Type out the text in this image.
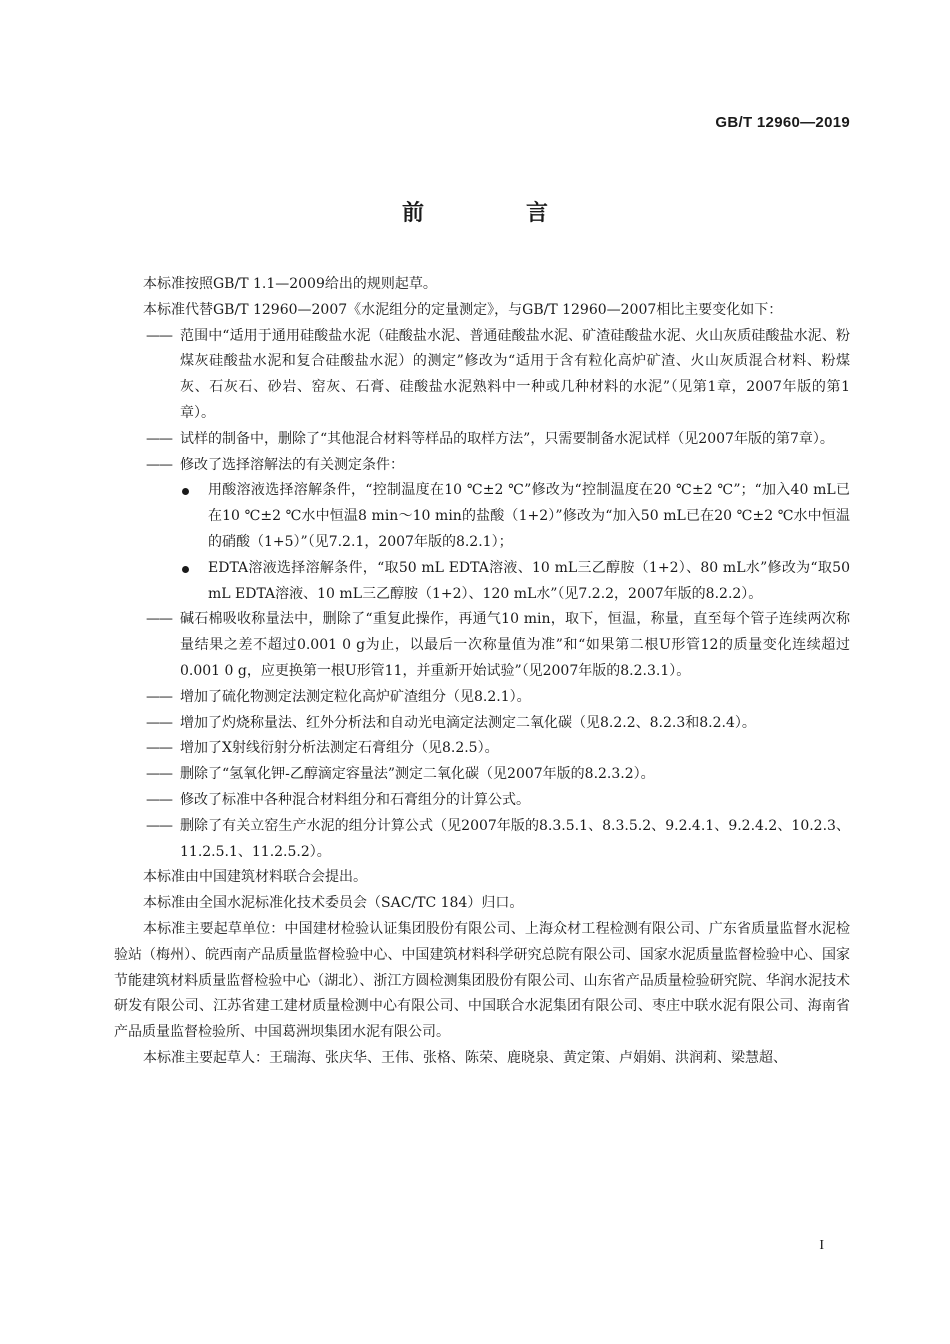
GB/T 12960—2019
前　言

本标准按照GB/T 1.1—2009给出的规则起草。

本标准代替GB/T 12960—2007《水泥组分的定量测定》，与GB/T 12960—2007相比主要变化如下：

—— 范围中“适用于通用硅酸盐水泥（硅酸盐水泥、普通硅酸盐水泥、矿渣硅酸盐水泥、火山灰质硅酸盐水泥、粉煤灰硅酸盐水泥和复合硅酸盐水泥）的测定”修改为“适用于含有粒化高炉矿渣、火山灰质混合材料、粉煤灰、石灰石、砂岩、窑灰、石膏、硅酸盐水泥熟料中一种或几种材料的水泥”（见第1章，2007年版的第1章）。
—— 试样的制备中，删除了“其他混合材料等样品的取样方法”，只需要制备水泥试样（见2007年版的第7章）。
—— 修改了选择溶解法的有关测定条件：
用酸溶液选择溶解条件，“控制温度在10 ℃±2 ℃”修改为“控制温度在20 ℃±2 ℃”；“加入40 mL已在10 ℃±2 ℃水中恒温8 min～10 min的盐酸（1+2）”修改为“加入50 mL已在20 ℃±2 ℃水中恒温的硝酸（1+5）”（见7.2.1，2007年版的8.2.1）；
EDTA溶液选择溶解条件，“取50 mL EDTA溶液、10 mL三乙醇胺（1+2）、80 mL水”修改为“取50 mL EDTA溶液、10 mL三乙醇胺（1+2）、120 mL水”（见7.2.2，2007年版的8.2.2）。
—— 碱石棉吸收称量法中，删除了“重复此操作，再通气10 min，取下，恒温，称量，直至每个管子连续两次称量结果之差不超过0.001 0 g为止，以最后一次称量值为准”和“如果第二根U形管12的质量变化连续超过0.001 0 g，应更换第一根U形管11，并重新开始试验”（见2007年版的8.2.3.1）。
—— 增加了硫化物测定法测定粒化高炉矿渣组分（见8.2.1）。
—— 增加了灼烧称量法、红外分析法和自动光电滴定法测定二氧化碳（见8.2.2、8.2.3和8.2.4）。
—— 增加了X射线衍射分析法测定石膏组分（见8.2.5）。
—— 删除了“氢氧化钾-乙醇滴定容量法”测定二氧化碳（见2007年版的8.2.3.2）。
—— 修改了标准中各种混合材料组分和石膏组分的计算公式。
—— 删除了有关立窑生产水泥的组分计算公式（见2007年版的8.3.5.1、8.3.5.2、9.2.4.1、9.2.4.2、10.2.3、11.2.5.1、11.2.5.2）。

本标准由中国建筑材料联合会提出。

本标准由全国水泥标准化技术委员会（SAC/TC 184）归口。

本标准主要起草单位：中国建材检验认证集团股份有限公司、上海众材工程检测有限公司、广东省质量监督水泥检验站（梅州）、皖西南产品质量监督检验中心、中国建筑材料科学研究总院有限公司、国家水泥质量监督检验中心、国家节能建筑材料质量监督检验中心（湖北）、浙江方圆检测集团股份有限公司、山东省产品质量检验研究院、华润水泥技术研发有限公司、江苏省建工建材质量检测中心有限公司、中国联合水泥集团有限公司、枣庄中联水泥有限公司、海南省产品质量监督检验所、中国葛洲坝集团水泥有限公司。

本标准主要起草人：王瑞海、张庆华、王伟、张格、陈荣、鹿晓泉、黄定策、卢娟娟、洪润莉、梁慧超、

I
